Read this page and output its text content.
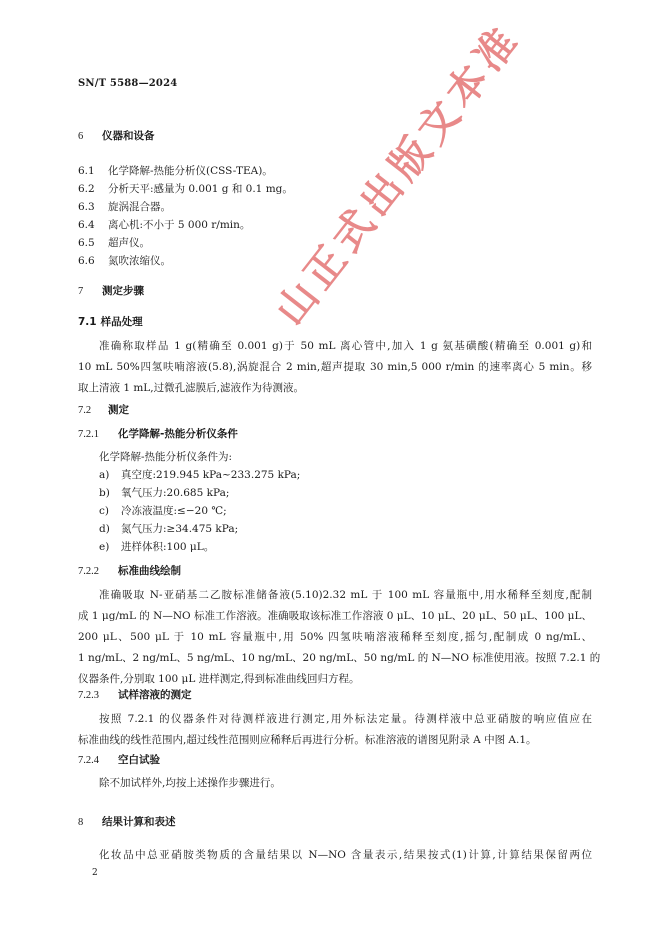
SN/T 5588—2024
6 仪器和设备
6.1 化学降解-热能分析仪(CSS-TEA)。
6.2 分析天平:感量为 0.001 g 和 0.1 mg。
6.3 旋涡混合器。
6.4 离心机:不小于 5 000 r/min。
6.5 超声仪。
6.6 氮吹浓缩仪。
7 测定步骤
7.1 样品处理
准确称取样品 1 g(精确至 0.001 g)于 50 mL 离心管中,加入 1 g 氨基磺酸(精确至 0.001 g)和
10 mL 50%四氢呋喃溶液(5.8),涡旋混合 2 min,超声提取 30 min,5 000 r/min 的速率离心 5 min。移
取上清液 1 mL,过微孔滤膜后,滤液作为待测液。
7.2 测定
7.2.1 化学降解-热能分析仪条件
化学降解-热能分析仪条件为:
a) 真空度:219.945 kPa~233.275 kPa;
b) 氧气压力:20.685 kPa;
c) 冷冻液温度:≤−20 ℃;
d) 氮气压力:≥34.475 kPa;
e) 进样体积:100 μL。
7.2.2 标准曲线绘制
准确吸取 N-亚硝基二乙胺标准储备液(5.10)2.32 mL 于 100 mL 容量瓶中,用水稀释至刻度,配制
成 1 μg/mL 的 N—NO 标准工作溶液。准确吸取该标准工作溶液 0 μL、10 μL、20 μL、50 μL、100 μL、
200 μL、500 μL 于 10 mL 容量瓶中,用 50% 四氢呋喃溶液稀释至刻度,摇匀,配制成 0 ng/mL、
1 ng/mL、2 ng/mL、5 ng/mL、10 ng/mL、20 ng/mL、50 ng/mL 的 N—NO 标准使用液。按照 7.2.1 的
仪器条件,分别取 100 μL 进样测定,得到标准曲线回归方程。
7.2.3 试样溶液的测定
按照 7.2.1 的仪器条件对待测样液进行测定,用外标法定量。待测样液中总亚硝胺的响应值应在
标准曲线的线性范围内,超过线性范围则应稀释后再进行分析。标准溶液的谱图见附录 A 中图 A.1。
7.2.4 空白试验
除不加试样外,均按上述操作步骤进行。
8 结果计算和表述
化妆品中总亚硝胺类物质的含量结果以 N—NO 含量表示,结果按式(1)计算,计算结果保留两位
2
山正式出版文本准
